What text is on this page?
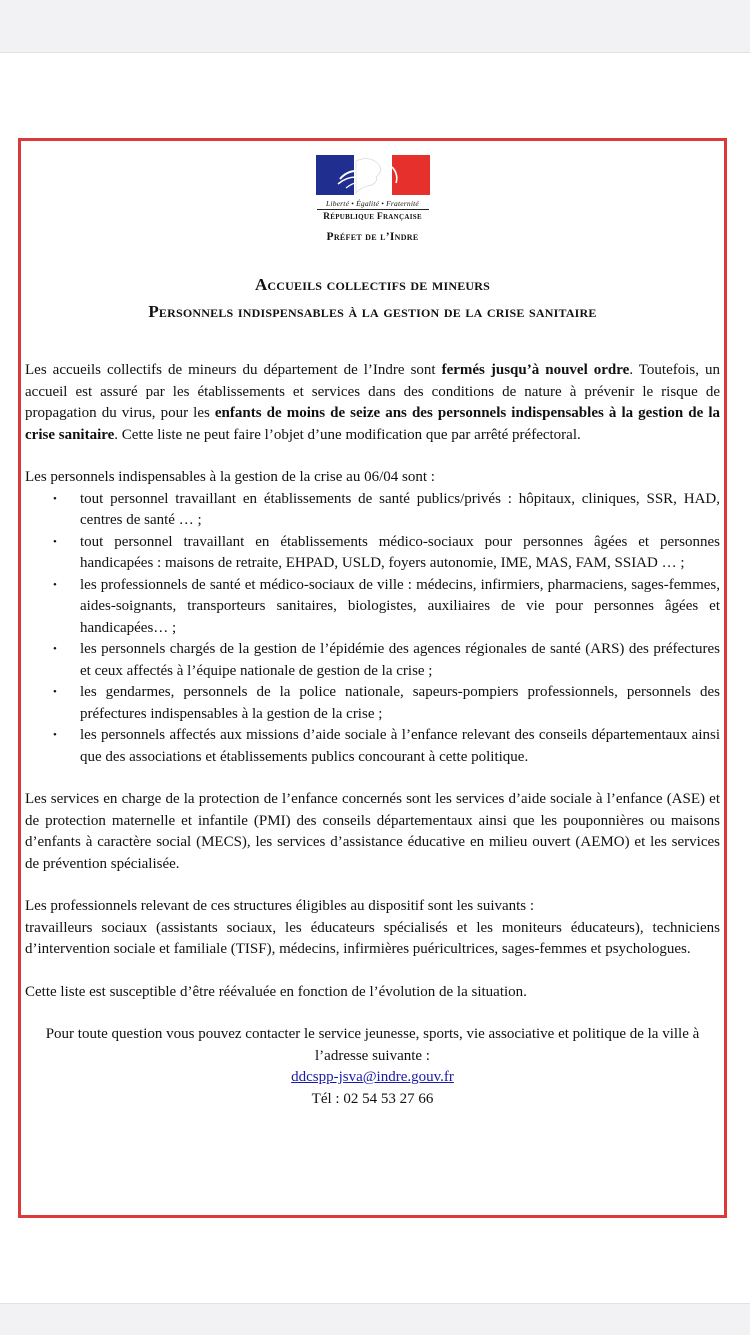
Liberté • Égalité • Fraternité
République Française
Préfet de l’Indre
Accueils collectifs de mineurs
Personnels indispensables à la gestion de la crise sanitaire

Les accueils collectifs de mineurs du département de l’Indre sont fermés jusqu’à nouvel ordre. Toutefois, un accueil est assuré par les établissements et services dans des conditions de nature à prévenir le risque de propagation du virus, pour les enfants de moins de seize ans des personnels indispensables à la gestion de la crise sanitaire. Cette liste ne peut faire l’objet d’une modification que par arrêté préfectoral.

Les personnels indispensables à la gestion de la crise au 06/04 sont :

• tout personnel travaillant en établissements de santé publics/privés : hôpitaux, cliniques, SSR, HAD, centres de santé … ;
• tout personnel travaillant en établissements médico-sociaux pour personnes âgées et personnes handicapées : maisons de retraite, EHPAD, USLD, foyers autonomie, IME, MAS, FAM, SSIAD … ;
• les professionnels de santé et médico-sociaux de ville : médecins, infirmiers, pharmaciens, sages-femmes, aides-soignants, transporteurs sanitaires, biologistes, auxiliaires de vie pour personnes âgées et handicapées… ;
• les personnels chargés de la gestion de l’épidémie des agences régionales de santé (ARS) des préfectures et ceux affectés à l’équipe nationale de gestion de la crise ;
• les gendarmes, personnels de la police nationale, sapeurs-pompiers professionnels, personnels des préfectures indispensables à la gestion de la crise ;
• les personnels affectés aux missions d’aide sociale à l’enfance relevant des conseils départementaux ainsi que des associations et établissements publics concourant à cette politique.

Les services en charge de la protection de l’enfance concernés sont les services d’aide sociale à l’enfance (ASE) et de protection maternelle et infantile (PMI) des conseils départementaux ainsi que les pouponnières ou maisons d’enfants à caractère social (MECS), les services d’assistance éducative en milieu ouvert (AEMO) et les services de prévention spécialisée.

Les professionnels relevant de ces structures éligibles au dispositif sont les suivants :

travailleurs sociaux (assistants sociaux, les éducateurs spécialisés et les moniteurs éducateurs), techniciens d’intervention sociale et familiale (TISF), médecins, infirmières puéricultrices, sages-femmes et psychologues.

Cette liste est susceptible d’être réévaluée en fonction de l’évolution de la situation.

Pour toute question vous pouvez contacter le service jeunesse, sports, vie associative et politique de la ville à l’adresse suivante :
ddcspp-jsva@indre.gouv.fr
Tél : 02 54 53 27 66
